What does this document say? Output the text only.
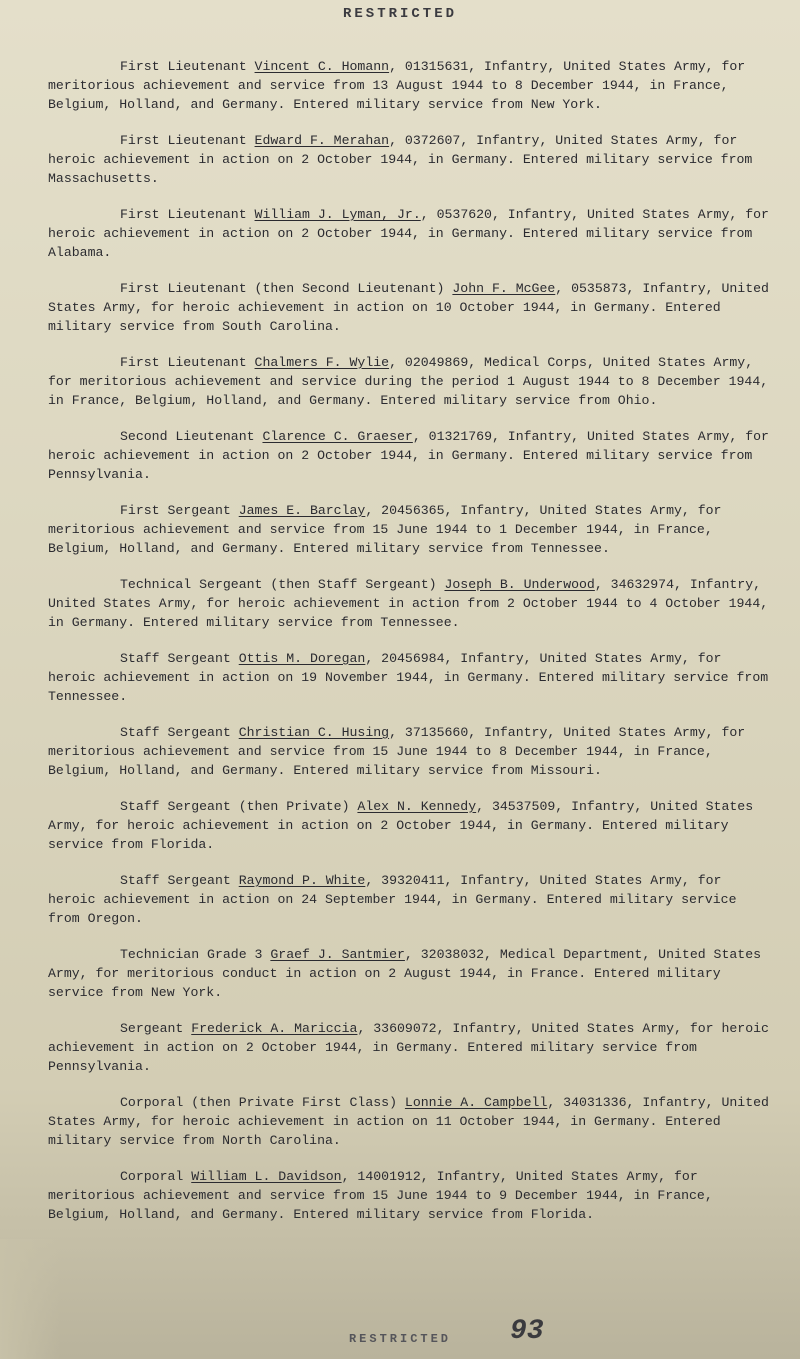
RESTRICTED

First Lieutenant Vincent C. Homann, 01315631, Infantry, United States Army, for meritorious achievement and service from 13 August 1944 to 8 December 1944, in France, Belgium, Holland, and Germany. Entered military service from New York.

First Lieutenant Edward F. Merahan, 0372607, Infantry, United States Army, for heroic achievement in action on 2 October 1944, in Germany. Entered military service from Massachusetts.

First Lieutenant William J. Lyman, Jr., 0537620, Infantry, United States Army, for heroic achievement in action on 2 October 1944, in Germany. Entered military service from Alabama.

First Lieutenant (then Second Lieutenant) John F. McGee, 0535873, Infantry, United States Army, for heroic achievement in action on 10 October 1944, in Germany. Entered military service from South Carolina.

First Lieutenant Chalmers F. Wylie, 02049869, Medical Corps, United States Army, for meritorious achievement and service during the period 1 August 1944 to 8 December 1944, in France, Belgium, Holland, and Germany. Entered military service from Ohio.

Second Lieutenant Clarence C. Graeser, 01321769, Infantry, United States Army, for heroic achievement in action on 2 October 1944, in Germany. Entered military service from Pennsylvania.

First Sergeant James E. Barclay, 20456365, Infantry, United States Army, for meritorious achievement and service from 15 June 1944 to 1 December 1944, in France, Belgium, Holland, and Germany. Entered military service from Tennessee.

Technical Sergeant (then Staff Sergeant) Joseph B. Underwood, 34632974, Infantry, United States Army, for heroic achievement in action from 2 October 1944 to 4 October 1944, in Germany. Entered military service from Tennessee.

Staff Sergeant Ottis M. Doregan, 20456984, Infantry, United States Army, for heroic achievement in action on 19 November 1944, in Germany. Entered military service from Tennessee.

Staff Sergeant Christian C. Husing, 37135660, Infantry, United States Army, for meritorious achievement and service from 15 June 1944 to 8 December 1944, in France, Belgium, Holland, and Germany. Entered military service from Missouri.

Staff Sergeant (then Private) Alex N. Kennedy, 34537509, Infantry, United States Army, for heroic achievement in action on 2 October 1944, in Germany. Entered military service from Florida.

Staff Sergeant Raymond P. White, 39320411, Infantry, United States Army, for heroic achievement in action on 24 September 1944, in Germany. Entered military service from Oregon.

Technician Grade 3 Graef J. Santmier, 32038032, Medical Department, United States Army, for meritorious conduct in action on 2 August 1944, in France. Entered military service from New York.

Sergeant Frederick A. Mariccia, 33609072, Infantry, United States Army, for heroic achievement in action on 2 October 1944, in Germany. Entered military service from Pennsylvania.

Corporal (then Private First Class) Lonnie A. Campbell, 34031336, Infantry, United States Army, for heroic achievement in action on 11 October 1944, in Germany. Entered military service from North Carolina.

Corporal William L. Davidson, 14001912, Infantry, United States Army, for meritorious achievement and service from 15 June 1944 to 9 December 1944, in France, Belgium, Holland, and Germany. Entered military service from Florida.

93
RESTRICTED
